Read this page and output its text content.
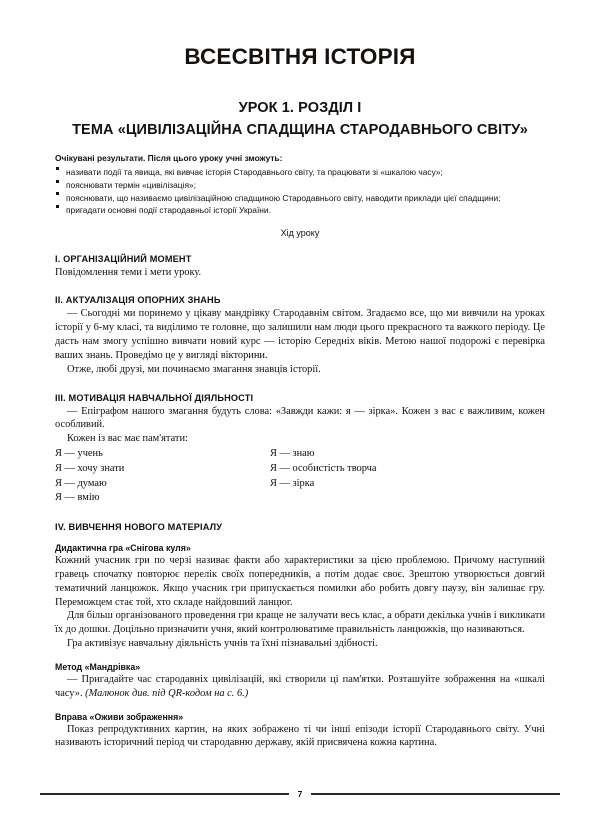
ВСЕСВІТНЯ ІСТОРІЯ
УРОК 1. РОЗДІЛ І
ТЕМА «ЦИВІЛІЗАЦІЙНА СПАДЩИНА СТАРОДАВНЬОГО СВІТУ»
Очікувані результати. Після цього уроку учні зможуть:
називати події та явища, які вивчає історія Стародавнього світу, та працювати зі «шкалою часу»;
пояснювати термін «цивілізація»;
пояснювати, що називаємо цивілізаційною спадщиною Стародавнього світу, наводити приклади цієї спадщини;
пригадати основні події стародавньої історії України.
Хід уроку
I. ОРГАНІЗАЦІЙНИЙ МОМЕНТ

Повідомлення теми і мети уроку.

II. АКТУАЛІЗАЦІЯ ОПОРНИХ ЗНАНЬ

— Сьогодні ми поринемо у цікаву мандрівку Стародавнім світом. Згадаємо все, що ми вивчили на уроках історії у 6-му класі, та виділимо те головне, що залишили нам люди цього прекрасного та важкого періоду. Це дасть нам змогу успішно вивчати новий курс — історію Середніх віків. Метою нашої подорожі є перевірка ваших знань. Проведімо це у вигляді вікторини.

Отже, любі друзі, ми починаємо змагання знавців історії.

III. МОТИВАЦІЯ НАВЧАЛЬНОЇ ДІЯЛЬНОСТІ

— Епіграфом нашого змагання будуть слова: «Завжди кажи: я — зірка». Кожен з вас є важливим, кожен особливий.

Кожен із вас має пам'ятати:

Я — учень
Я — хочу знати
Я — думаю
Я — вмію
Я — знаю
Я — особистість творча
Я — зірка
IV. ВИВЧЕННЯ НОВОГО МАТЕРІАЛУ
Дидактична гра «Снігова куля»

Кожний учасник гри по черзі називає факти або характеристики за цією проблемою. Причому наступний гравець спочатку повторює перелік своїх попередників, а потім додає своє. Зрештою утворюється довгий тематичний ланцюжок. Якщо учасник гри припускається помилки або робить довгу паузу, він залишає гру. Переможцем стає той, хто складе найдовший ланцюг.

Для більш організованого проведення гри краще не залучати весь клас, а обрати декілька учнів і викликати їх до дошки. Доцільно призначити учня, який контролюватиме правильність ланцюжків, що називаються.

Гра активізує навчальну діяльність учнів та їхні пізнавальні здібності.

Метод «Мандрівка»

— Пригадайте час стародавніх цивілізацій, які створили ці пам'ятки. Розташуйте зображення на «шкалі часу». (Малюнок див. під QR-кодом на с. 6.)

Вправа «Оживи зображення»

Показ репродуктивних картин, на яких зображено ті чи інші епізоди історії Стародавнього світу. Учні називають історичний період чи стародавню державу, якій присвячена кожна картина.

7
